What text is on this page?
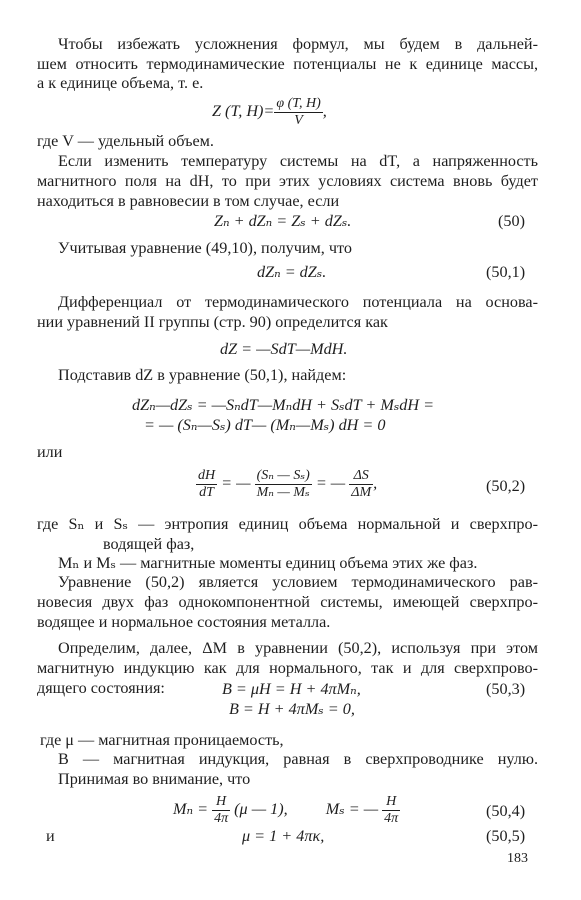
Чтобы избежать усложнения формул, мы будем в дальней-
шем относить термодинамические потенциалы не к единице массы,
а к единице объема, т. е.
Z (T, $H)= \frac{\varphi (T, H)}{V}$ ,
где V — удельный объем.
Если изменить температуру системы на dT, а напряженность
магнитного поля на dH, то при этих условиях система вновь будет
находиться в равновесии в том случае, если
Zₙ + dZₙ = Zₛ + dZₛ.	(50)
Учитывая уравнение (49,10), получим, что
dZₙ = dZₛ.	(50,1)
Дифференциал от термодинамического потенциала на основа-
нии уравнений II группы (стр. 90) определится как
dZ = —SdT—MdH.
Подставив dZ в уравнение (50,1), найдем:
dZₙ—dZₛ = —SₙdT—MₙdH + SₛdT + MₛdH =
= — (Sₙ—Sₛ) dT— (Mₙ—Mₛ) dH = 0
или
$\frac{dH}{dT}$ = — $\frac{\text{(Sₙ — Sₛ)}}{\text{Mₙ — Mₛ}}$ = — $\frac{\Delta S}{\Delta M}$ ,	(50,2)
где Sₙ и Sₛ — энтропия единиц объема нормальной и сверхпро-
водящей фаз,
Mₙ и Mₛ — магнитные моменты единиц объема этих же фаз.
Уравнение (50,2) является условием термодинамического рав-
новесия двух фаз однокомпонентной системы, имеющей сверхпро-
водящее и нормальное состояния металла.
Определим, далее, ΔM в уравнении (50,2), используя при этом
магнитную индукцию как для нормального, так и для сверхпрово-
дящего состояния:	B = μH = H + 4πMₙ,	(50,3)
B = H + 4πMₛ = 0,
где μ — магнитная проницаемость,
B — магнитная индукция, равная в сверхпроводнике нулю.
Принимая во внимание, что
$M_n = \frac{H}{4\pi} (\mu$ — 1), Mₛ = — $\frac{H}{4\pi}$	(50,4)
и	μ = 1 + 4πκ,	(50,5)
183
